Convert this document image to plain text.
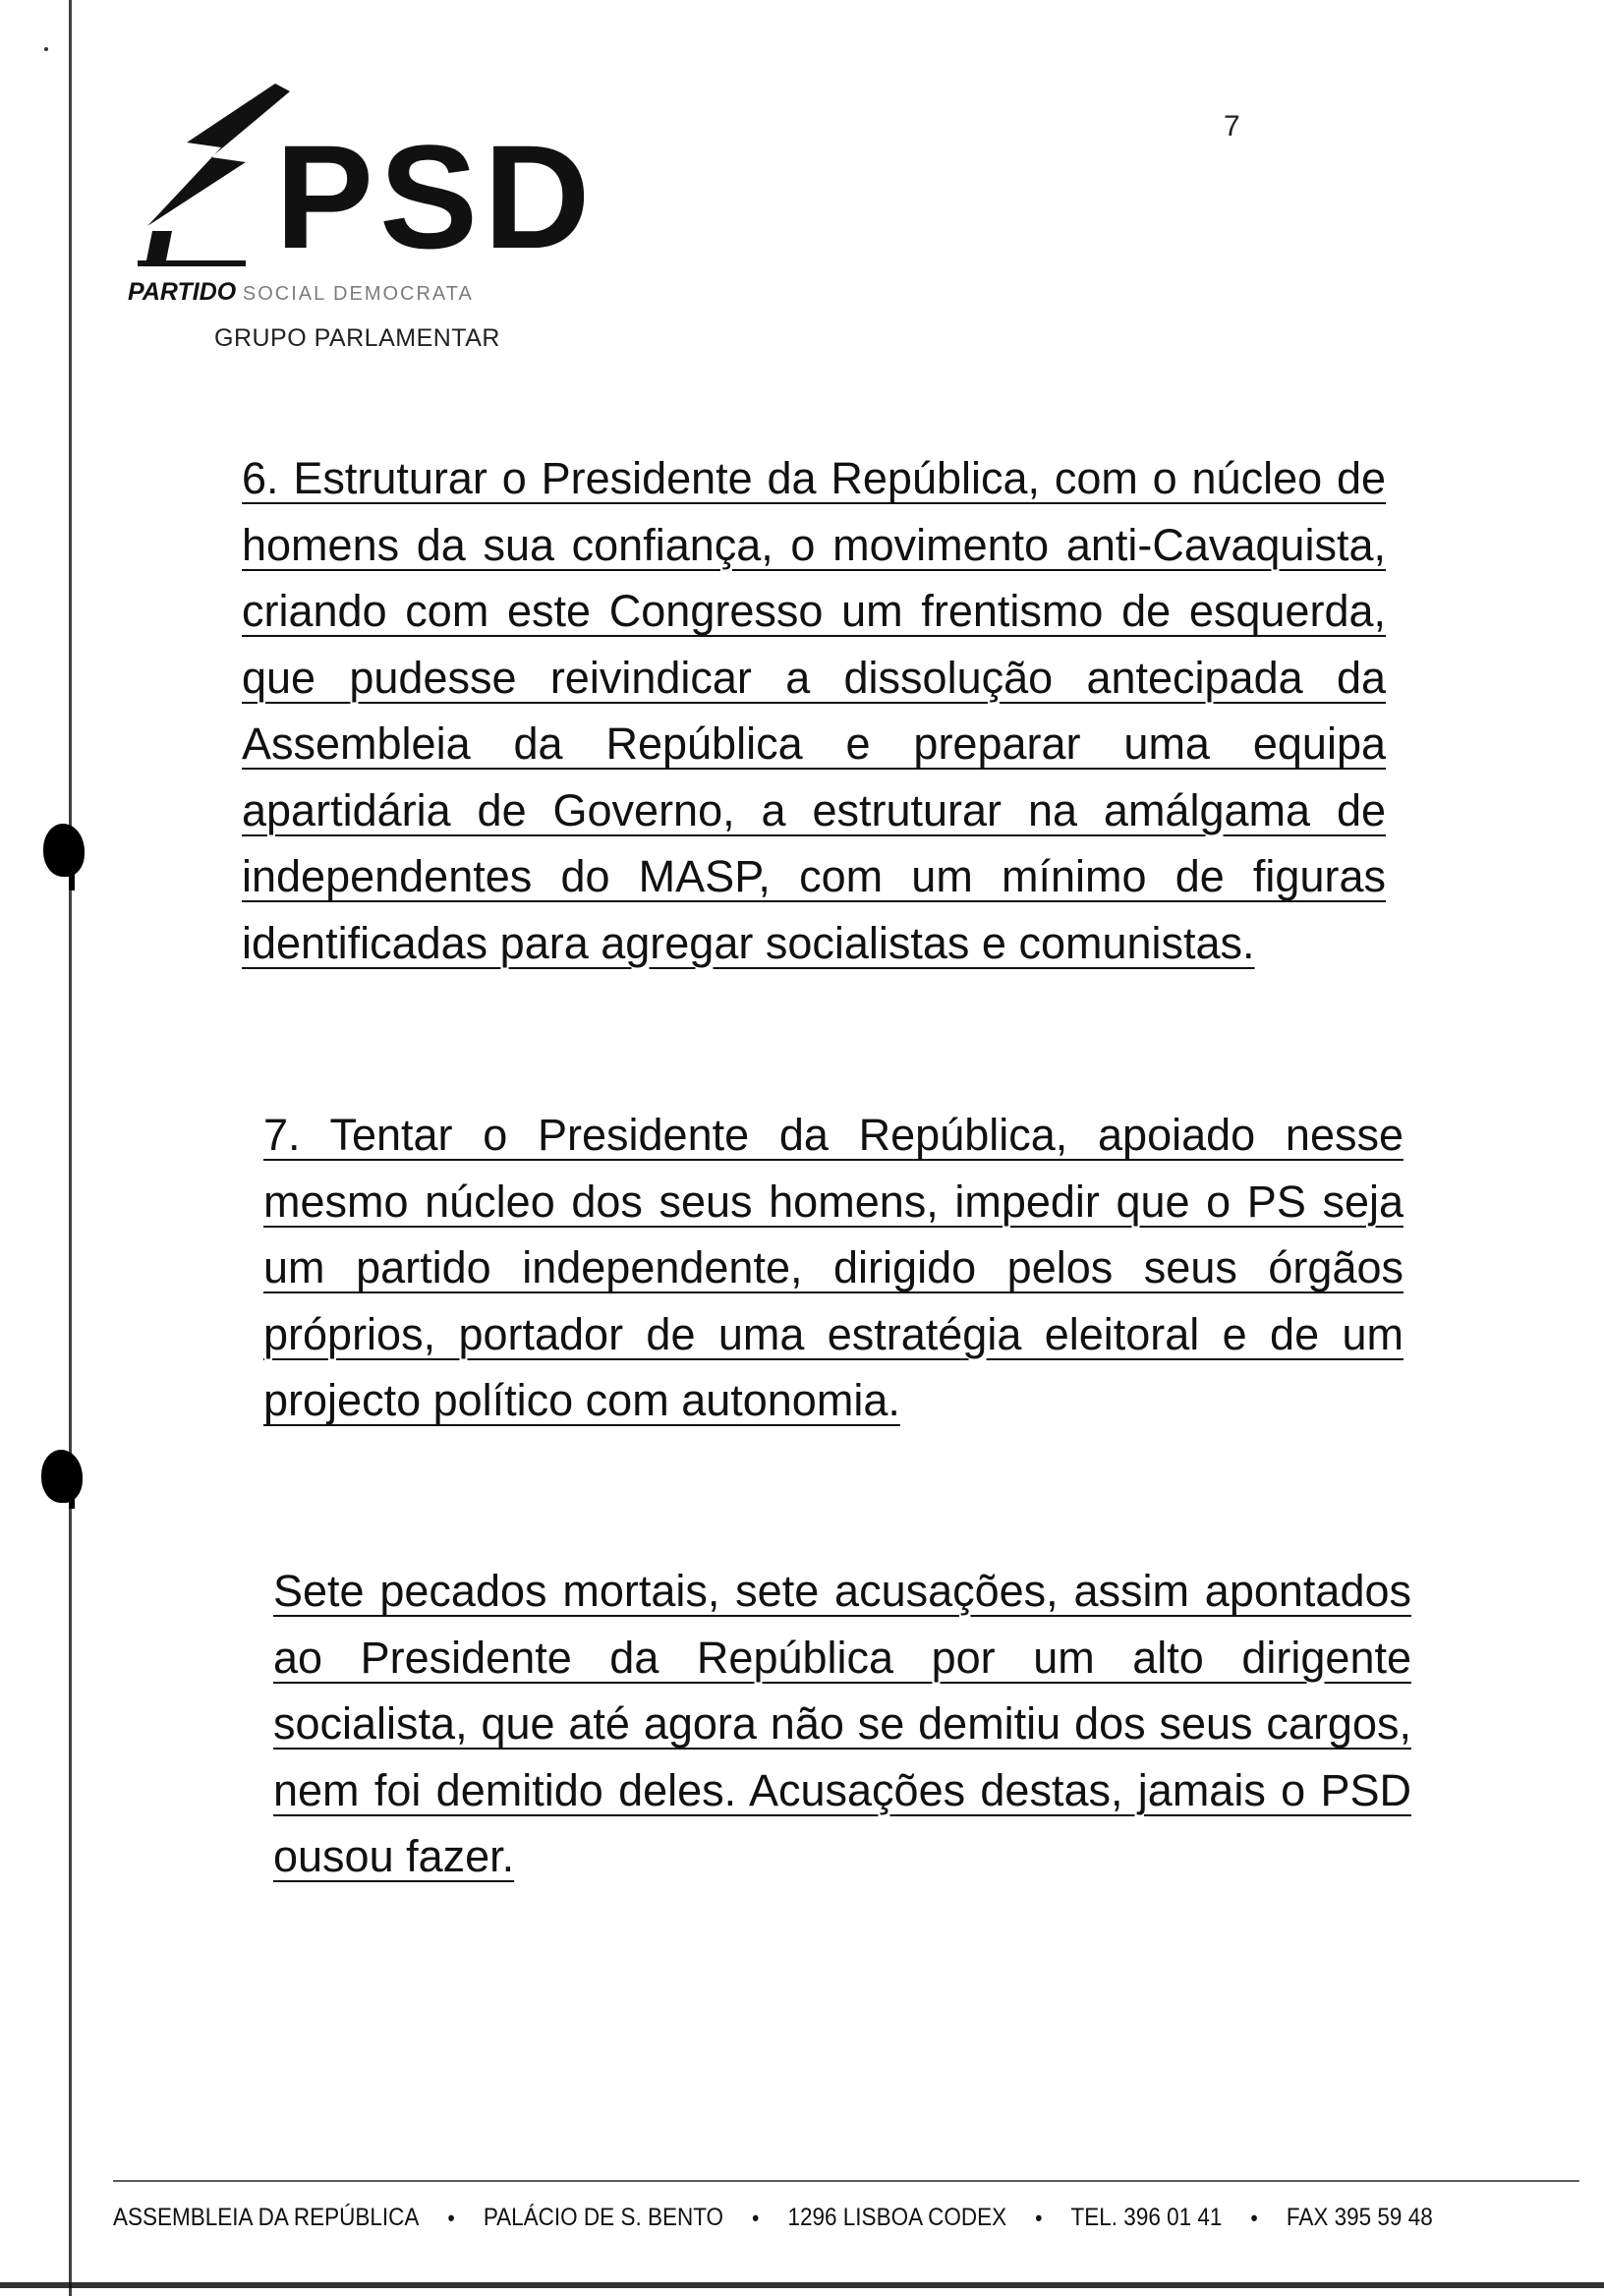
PSD
PARTIDO SOCIAL DEMOCRATA
GRUPO PARLAMENTAR
7
6. Estruturar o Presidente da República, com o núcleo de homens da sua confiança, o movimento anti-Cavaquista, criando com este Congresso um frentismo de esquerda, que pudesse reivindicar a dissolução antecipada da Assembleia da República e preparar uma equipa apartidária de Governo, a estruturar na amálgama de independentes do MASP, com um mínimo de figuras identificadas para agregar socialistas e comunistas.
7. Tentar o Presidente da República, apoiado nesse mesmo núcleo dos seus homens, impedir que o PS seja um partido independente, dirigido pelos seus órgãos próprios, portador de uma estratégia eleitoral e de um projecto político com autonomia.
Sete pecados mortais, sete acusações, assim apontados ao Presidente da República por um alto dirigente socialista, que até agora não se demitiu dos seus cargos, nem foi demitido deles. Acusações destas, jamais o PSD ousou fazer.
ASSEMBLEIA DA REPÚBLICA • PALÁCIO DE S. BENTO • 1296 LISBOA CODEX • TEL. 396 01 41 • FAX 395 59 48
